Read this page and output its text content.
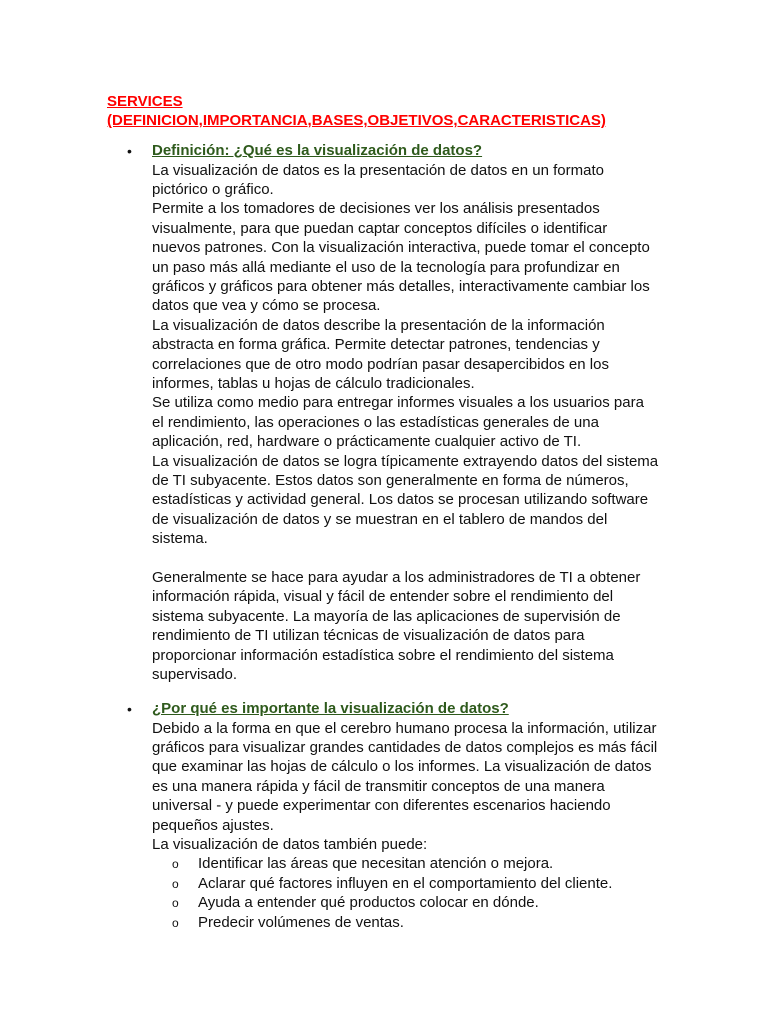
SERVICES
(DEFINICION,IMPORTANCIA,BASES,OBJETIVOS,CARACTERISTICAS)
• Definición: ¿Qué es la visualización de datos?
La visualización de datos es la presentación de datos en un formato
pictórico o gráfico.
Permite a los tomadores de decisiones ver los análisis presentados
visualmente, para que puedan captar conceptos difíciles o identificar
nuevos patrones. Con la visualización interactiva, puede tomar el concepto
un paso más allá mediante el uso de la tecnología para profundizar en
gráficos y gráficos para obtener más detalles, interactivamente cambiar los
datos que vea y cómo se procesa.
La visualización de datos describe la presentación de la información
abstracta en forma gráfica. Permite detectar patrones, tendencias y
correlaciones que de otro modo podrían pasar desapercibidos en los
informes, tablas u hojas de cálculo tradicionales.
Se utiliza como medio para entregar informes visuales a los usuarios para
el rendimiento, las operaciones o las estadísticas generales de una
aplicación, red, hardware o prácticamente cualquier activo de TI.
La visualización de datos se logra típicamente extrayendo datos del sistema
de TI subyacente. Estos datos son generalmente en forma de números,
estadísticas y actividad general. Los datos se procesan utilizando software
de visualización de datos y se muestran en el tablero de mandos del
sistema.
Generalmente se hace para ayudar a los administradores de TI a obtener
información rápida, visual y fácil de entender sobre el rendimiento del
sistema subyacente. La mayoría de las aplicaciones de supervisión de
rendimiento de TI utilizan técnicas de visualización de datos para
proporcionar información estadística sobre el rendimiento del sistema
supervisado.
• ¿Por qué es importante la visualización de datos?
Debido a la forma en que el cerebro humano procesa la información, utilizar
gráficos para visualizar grandes cantidades de datos complejos es más fácil
que examinar las hojas de cálculo o los informes. La visualización de datos
es una manera rápida y fácil de transmitir conceptos de una manera
universal - y puede experimentar con diferentes escenarios haciendo
pequeños ajustes.
La visualización de datos también puede:
o Identificar las áreas que necesitan atención o mejora.
o Aclarar qué factores influyen en el comportamiento del cliente.
o Ayuda a entender qué productos colocar en dónde.
o Predecir volúmenes de ventas.
